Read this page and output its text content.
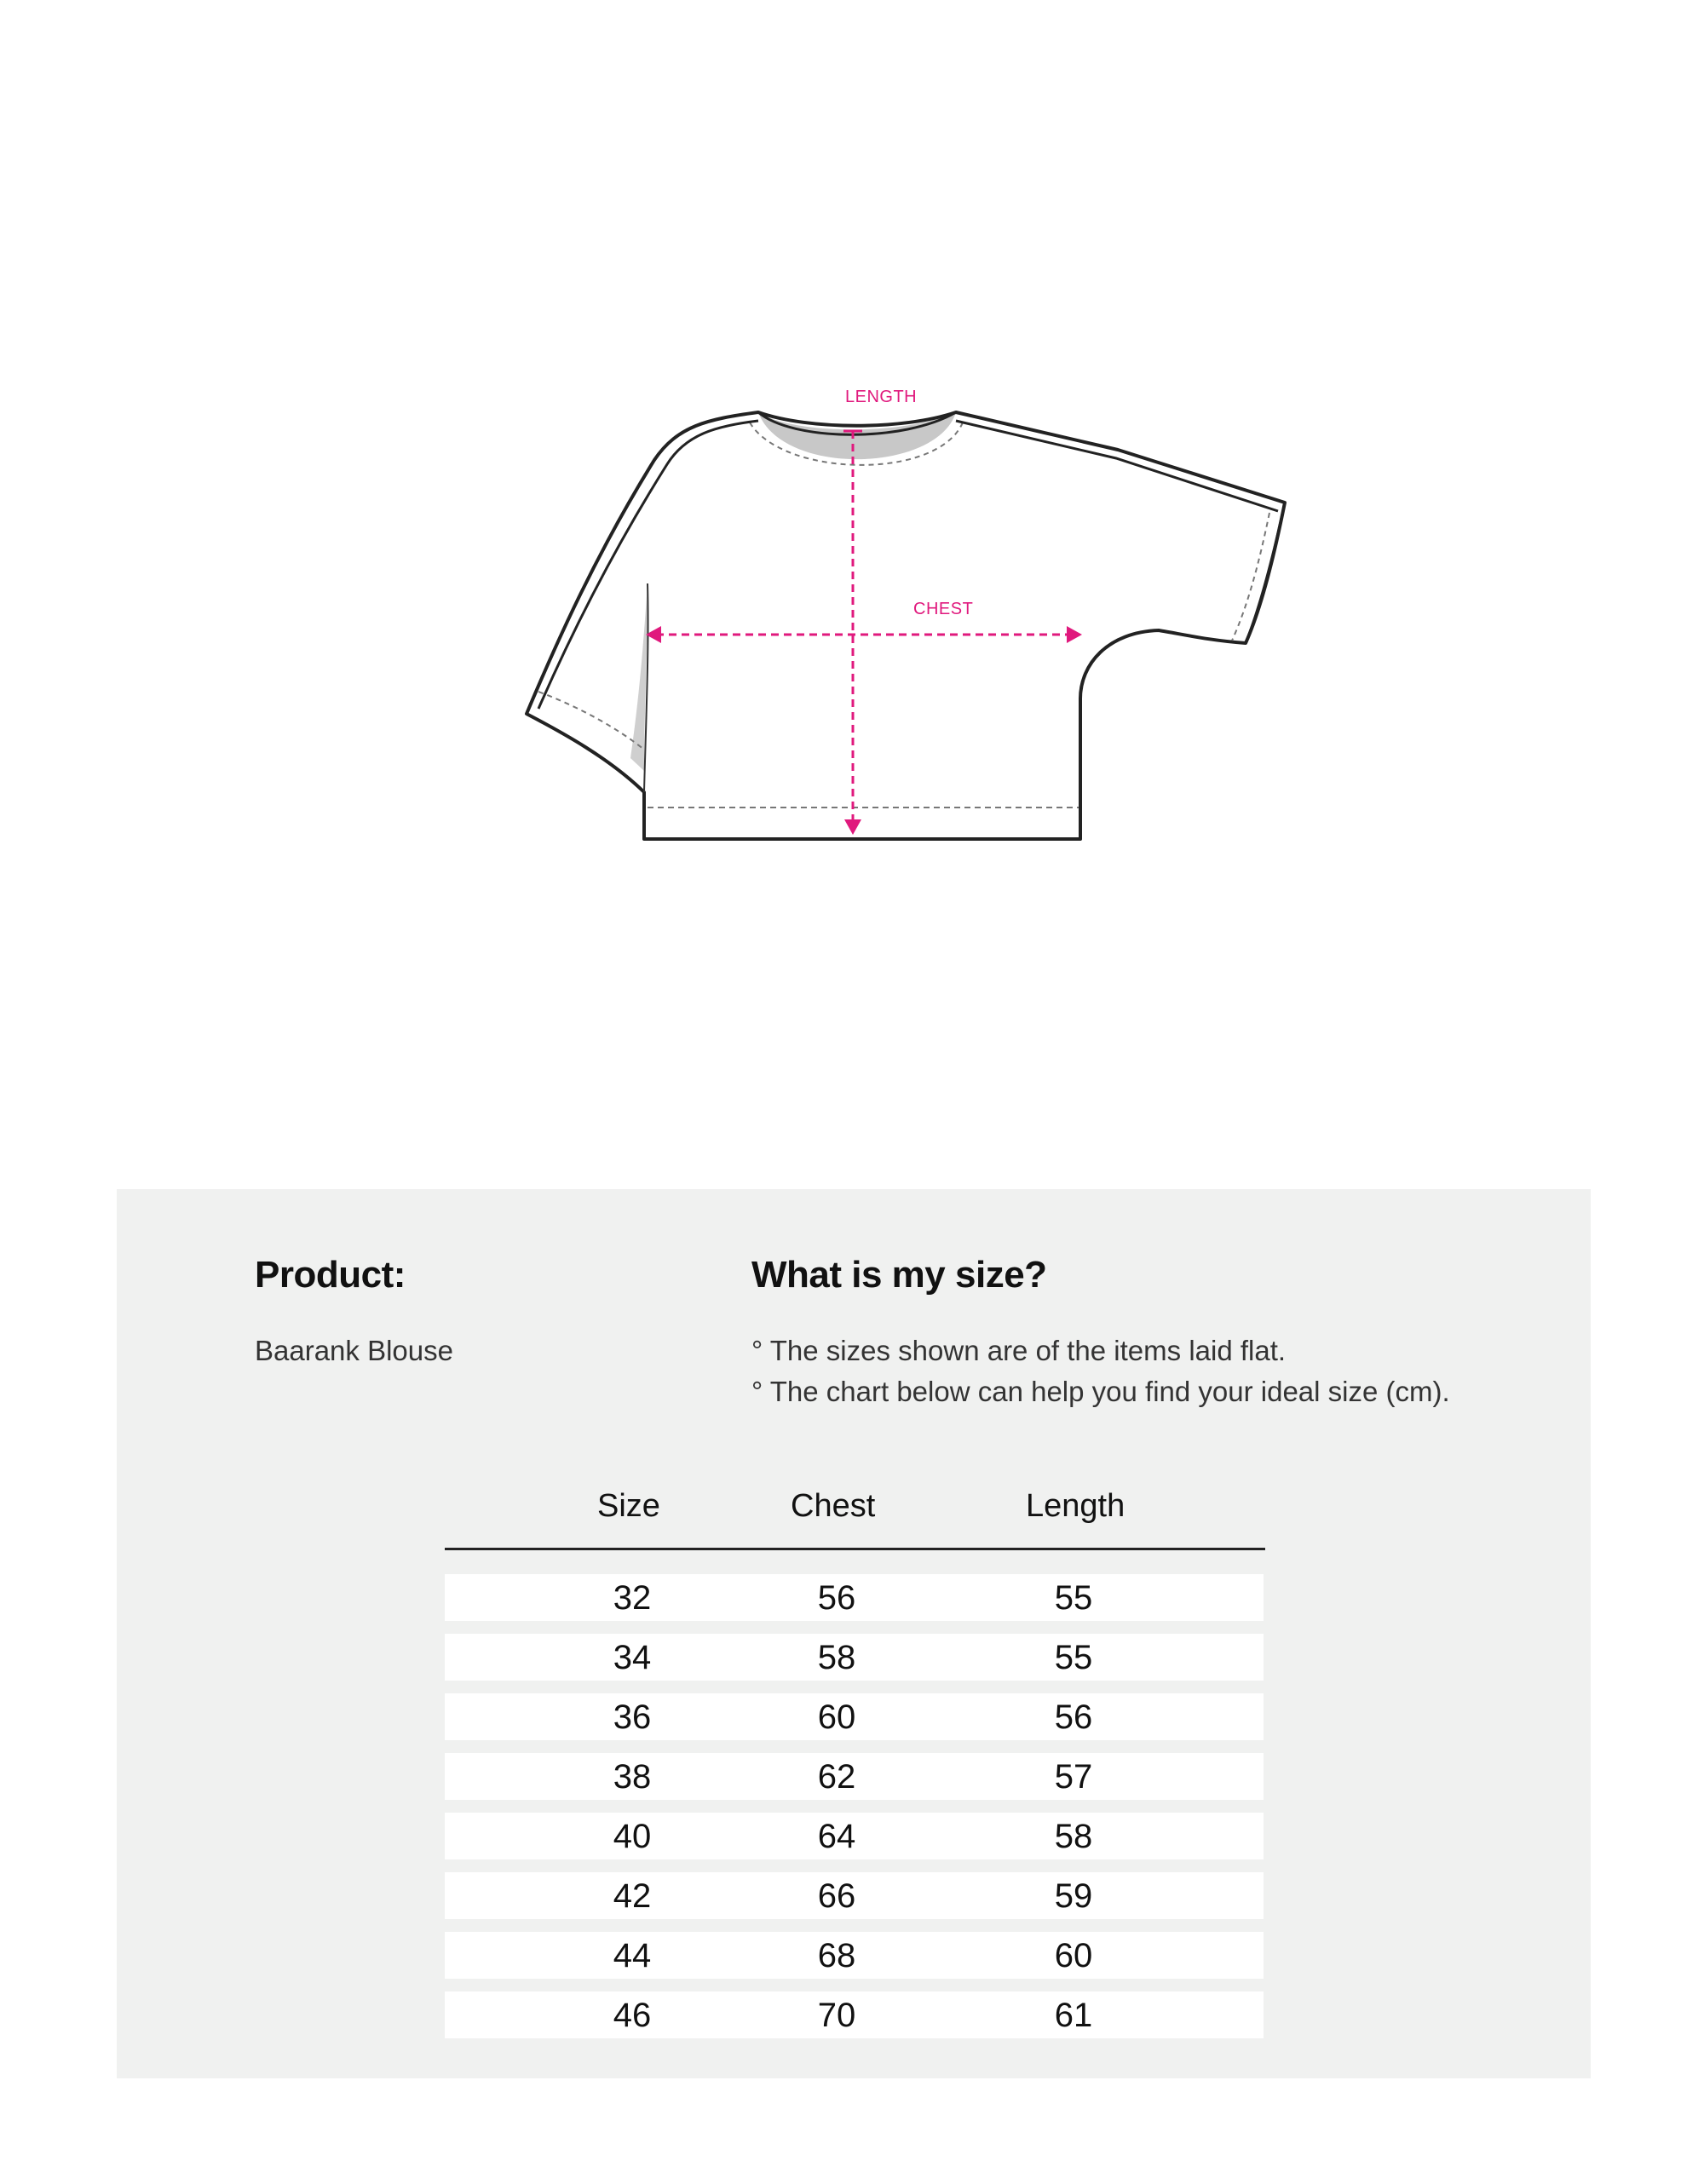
LENGTH
CHEST
Product:
Baarank Blouse
What is my size?
° The sizes shown are of the items laid flat.
° The chart below can help you find your ideal size (cm).
Size	Chest	Length
32	56	55
34	58	55
36	60	56
38	62	57
40	64	58
42	66	59
44	68	60
46	70	61
